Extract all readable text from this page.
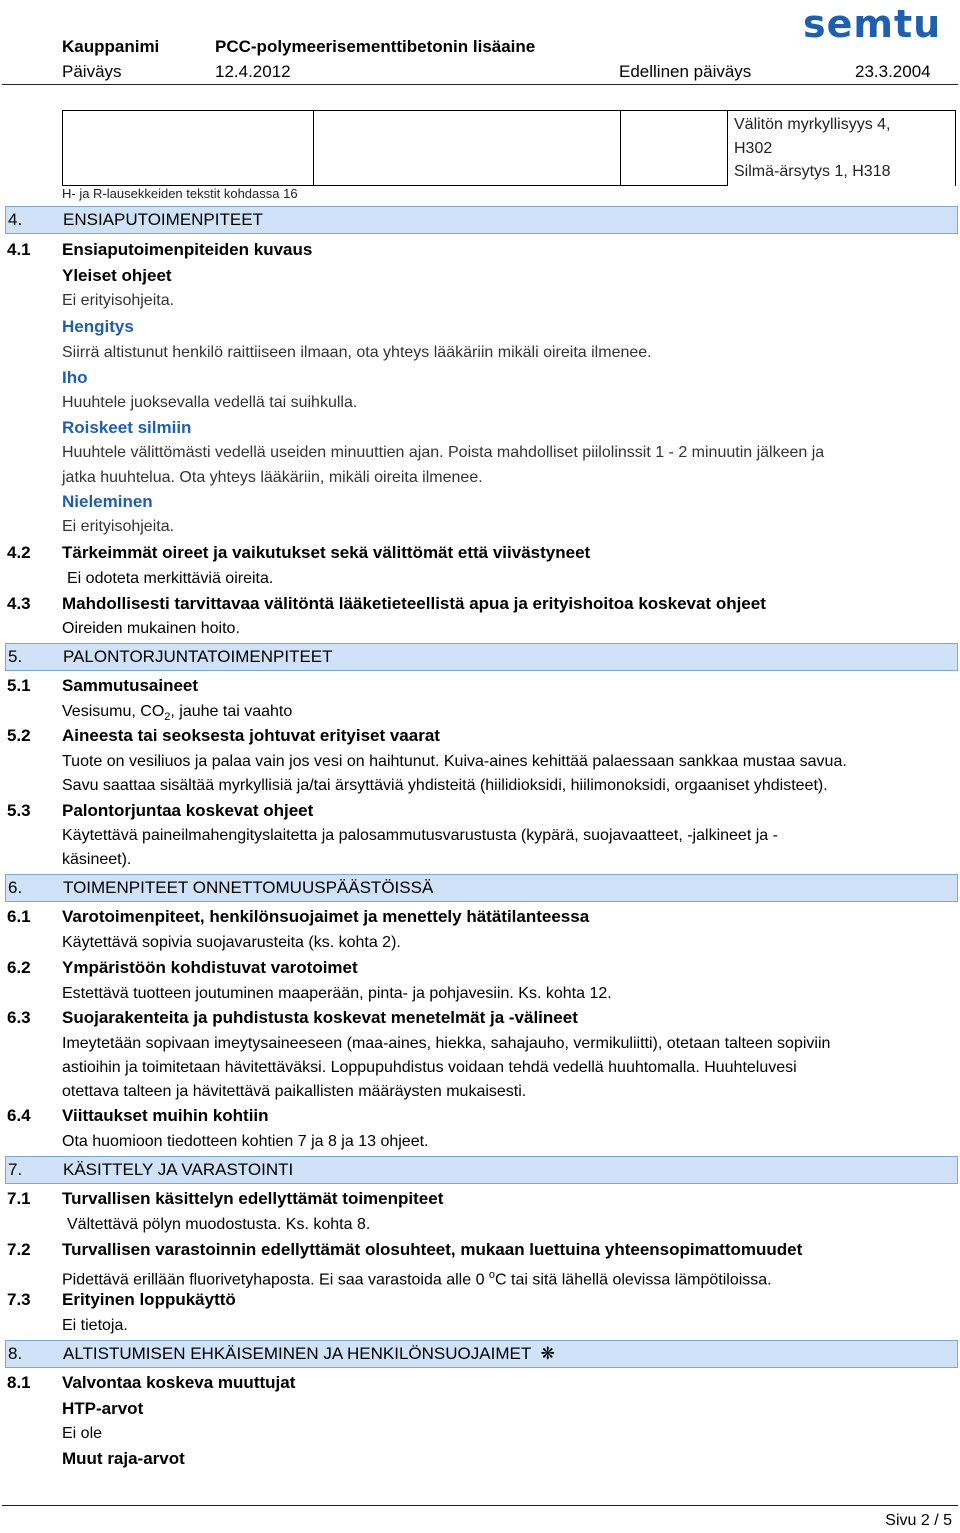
semtu
Kauppanimi	PCC-polymeerisementtibetonin lisäaine
Päiväys	12.4.2012	Edellinen päiväys	23.3.2004
Välitön myrkyllisyys 4,
H302
Silmä-ärsytys 1, H318
H- ja R-lausekkeiden tekstit kohdassa 16
4. ENSIAPUTOIMENPITEET
4.1 Ensiaputoimenpiteiden kuvaus
Yleiset ohjeet
Ei erityisohjeita.
Hengitys
Siirrä altistunut henkilö raittiiseen ilmaan, ota yhteys lääkäriin mikäli oireita ilmenee.
Iho
Huuhtele juoksevalla vedellä tai suihkulla.
Roiskeet silmiin
Huuhtele välittömästi vedellä useiden minuuttien ajan. Poista mahdolliset piilolinssit 1 - 2 minuutin jälkeen ja
jatka huuhtelua. Ota yhteys lääkäriin, mikäli oireita ilmenee.
Nieleminen
Ei erityisohjeita.
4.2 Tärkeimmät oireet ja vaikutukset sekä välittömät että viivästyneet
Ei odoteta merkittäviä oireita.
4.3 Mahdollisesti tarvittavaa välitöntä lääketieteellistä apua ja erityishoitoa koskevat ohjeet
Oireiden mukainen hoito.
5. PALONTORJUNTATOIMENPITEET
5.1 Sammutusaineet
Vesisumu, $CO_2$, jauhe tai vaahto
5.2 Aineesta tai seoksesta johtuvat erityiset vaarat
Tuote on vesiliuos ja palaa vain jos vesi on haihtunut. Kuiva-aines kehittää palaessaan sankkaa mustaa savua.
Savu saattaa sisältää myrkyllisiä ja/tai ärsyttäviä yhdisteitä (hiilidioksidi, hiilimonoksidi, orgaaniset yhdisteet).
5.3 Palontorjuntaa koskevat ohjeet
Käytettävä paineilmahengityslaitetta ja palosammutusvarustusta (kypärä, suojavaatteet, -jalkineet ja -
käsineet).
6. TOIMENPITEET ONNETTOMUUSPÄÄSTÖISSÄ
6.1 Varotoimenpiteet, henkilönsuojaimet ja menettely hätätilanteessa
Käytettävä sopivia suojavarusteita (ks. kohta 2).
6.2 Ympäristöön kohdistuvat varotoimet
Estettävä tuotteen joutuminen maaperään, pinta- ja pohjavesiin. Ks. kohta 12.
6.3 Suojarakenteita ja puhdistusta koskevat menetelmät ja -välineet
Imeytetään sopivaan imeytysaineeseen (maa-aines, hiekka, sahajauho, vermikuliitti), otetaan talteen sopiviin
astioihin ja toimitetaan hävitettäväksi. Loppupuhdistus voidaan tehdä vedellä huuhtomalla. Huuhteluvesi
otettava talteen ja hävitettävä paikallisten määräysten mukaisesti.
6.4 Viittaukset muihin kohtiin
Ota huomioon tiedotteen kohtien 7 ja 8 ja 13 ohjeet.
7. KÄSITTELY JA VARASTOINTI
7.1 Turvallisen käsittelyn edellyttämät toimenpiteet
Vältettävä pölyn muodostusta. Ks. kohta 8.
7.2 Turvallisen varastoinnin edellyttämät olosuhteet, mukaan luettuina yhteensopimattomuudet
Pidettävä erillään fluorivetyhaposta. Ei saa varastoida alle 0 $^o$C tai sitä lähellä olevissa lämpötiloissa.
7.3 Erityinen loppukäyttö
Ei tietoja.
8. ALTISTUMISEN EHKÄISEMINEN JA HENKILÖNSUOJAIMET ❋
8.1 Valvontaa koskeva muuttujat
HTP-arvot
Ei ole
Muut raja-arvot
Sivu 2 / 5
